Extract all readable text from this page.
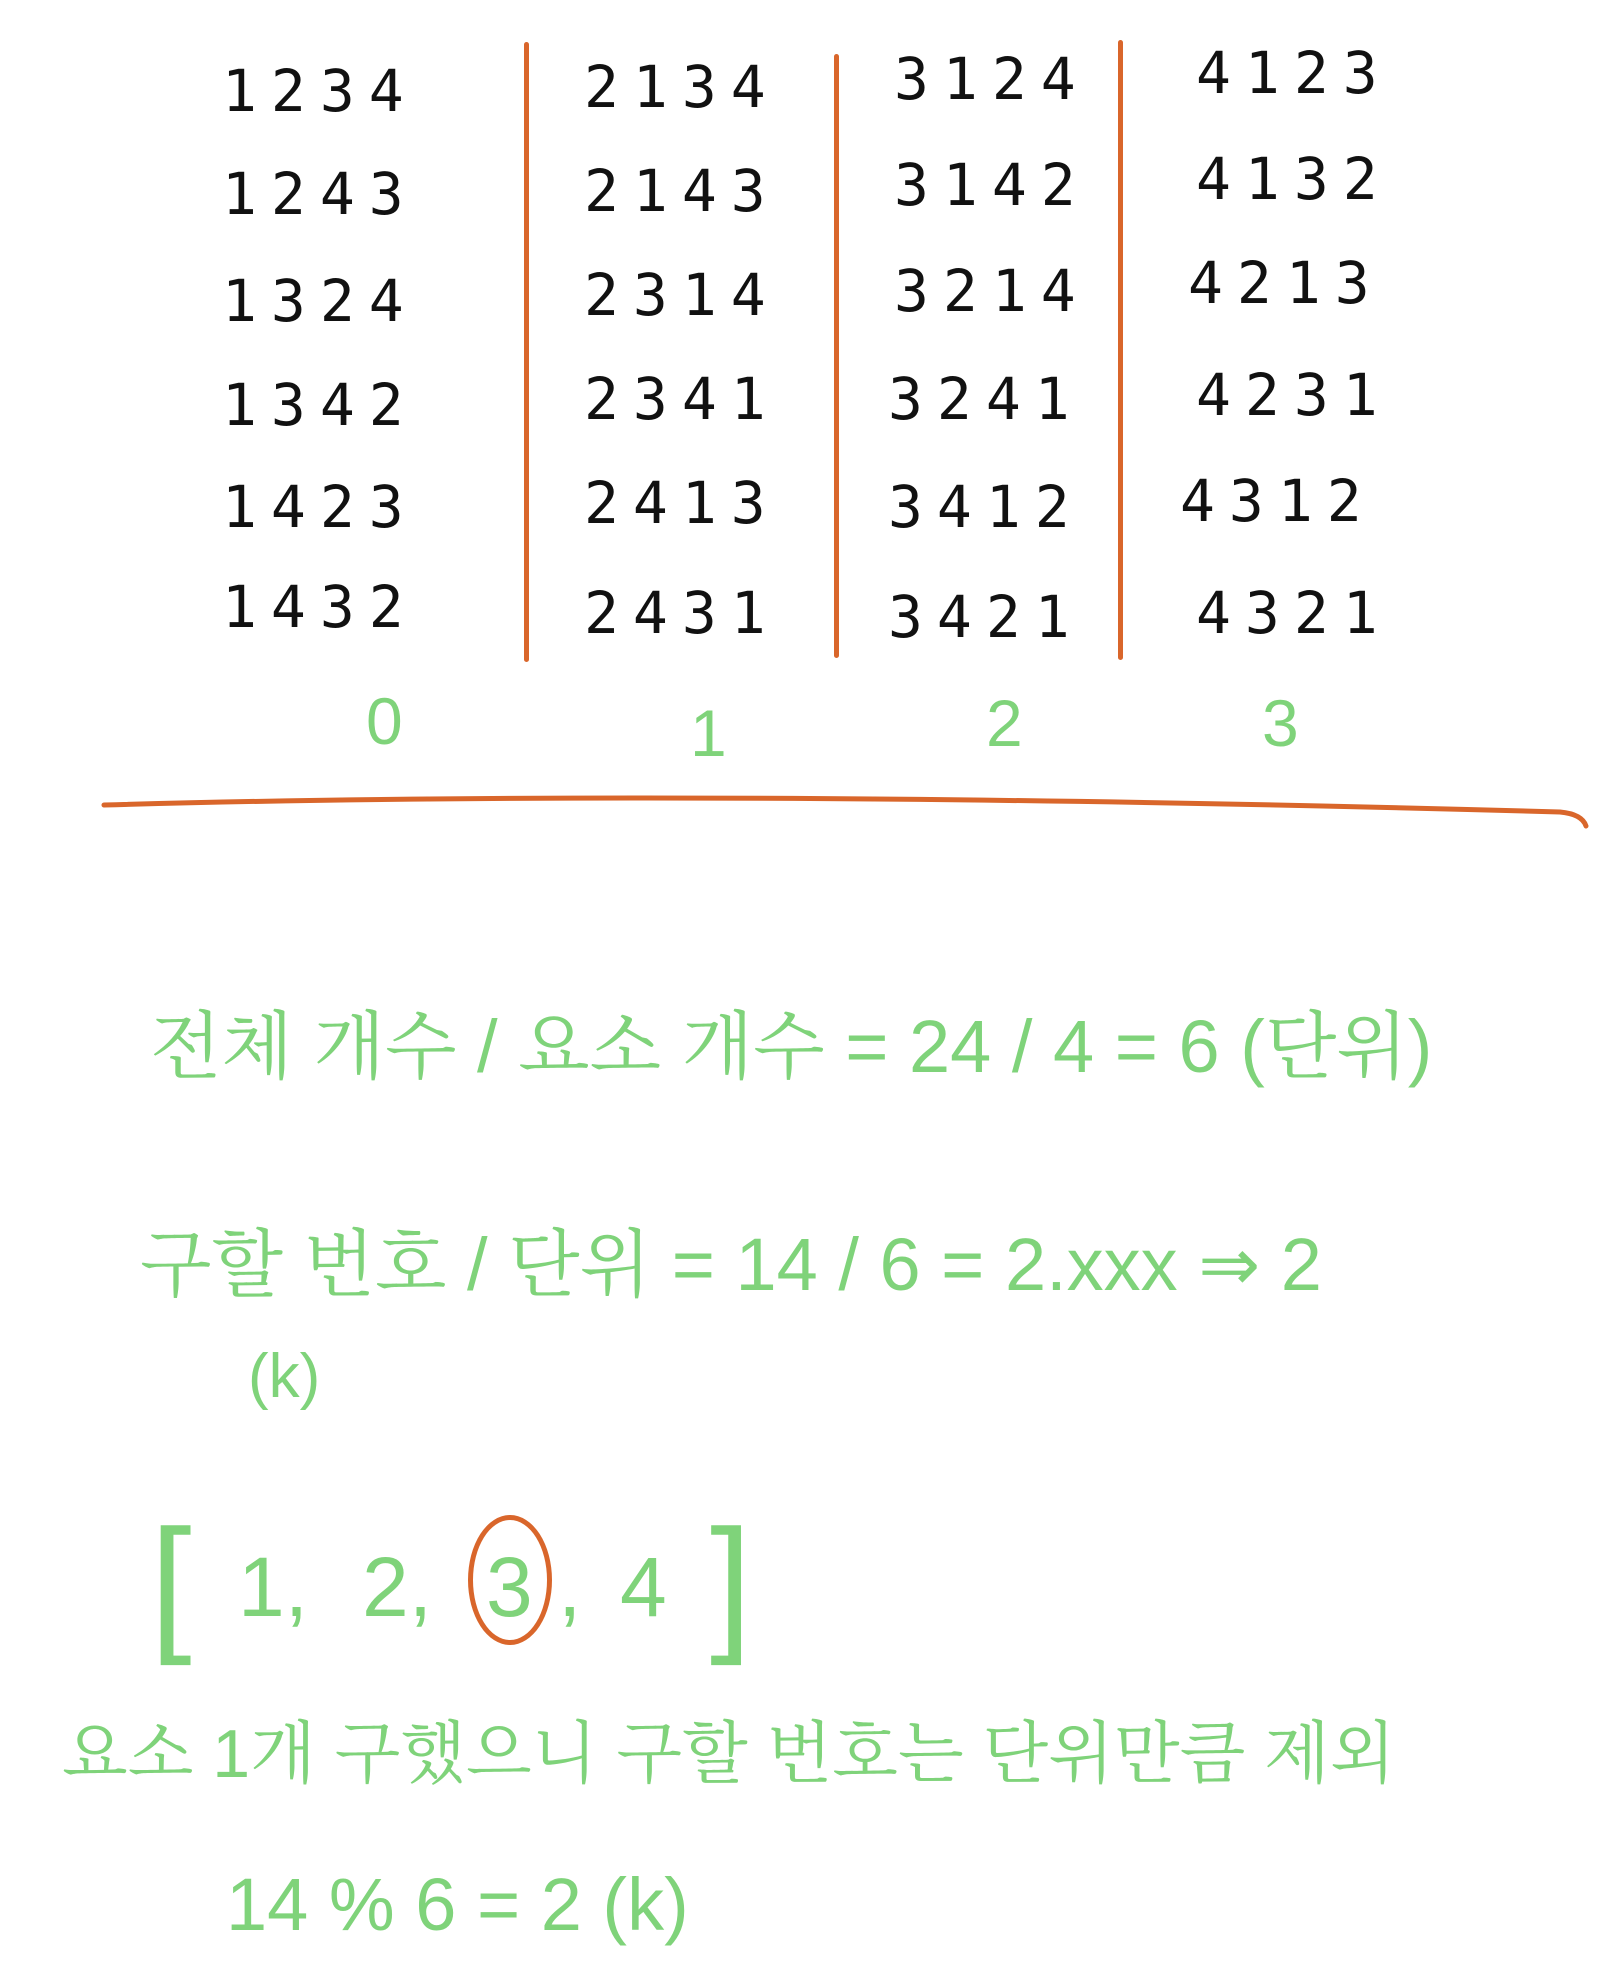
1234
1243
1324
1342
1423
1432
0
2134
2143
2314
2341
2413
2431
1
3124
3142
3214
3241
3412
3421
2
4123
4132
4213
4231
4312
4321
3
전체 개수 / 요소 개수 = 24 / 4 = 6 (단위)
구할 번호 / 단위 = 14 / 6 = 2.xxx ⇒ 2
(k)
[ 1, 2, 3 , 4 ]
요소 1개 구했으니 구할 번호는 단위만큼 제외
14 % 6 = 2 (k)
